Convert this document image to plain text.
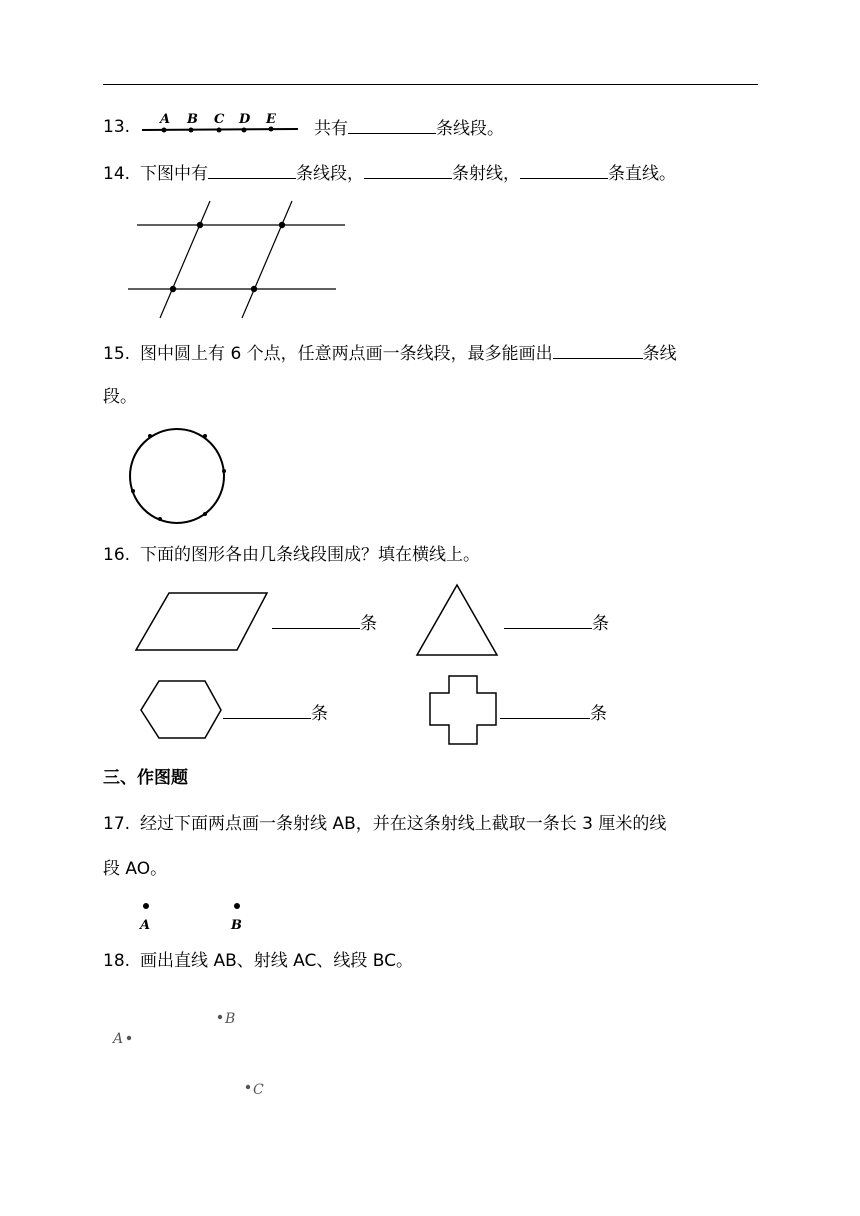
13. A B C D E 共有	条线段。
14. 下图中有	条线段，	条射线，	条直线。
15. 图中圆上有 6 个点，任意两点画一条线段，最多能画出	条线
段。
16. 下面的图形各由几条线段围成？填在横线上。
条	条
条	条
三、作图题
17. 经过下面两点画一条射线 AB，并在这条射线上截取一条长 3 厘米的线
段 AO。
A	B
18. 画出直线 AB、射线 AC、线段 BC。
B
A
C
